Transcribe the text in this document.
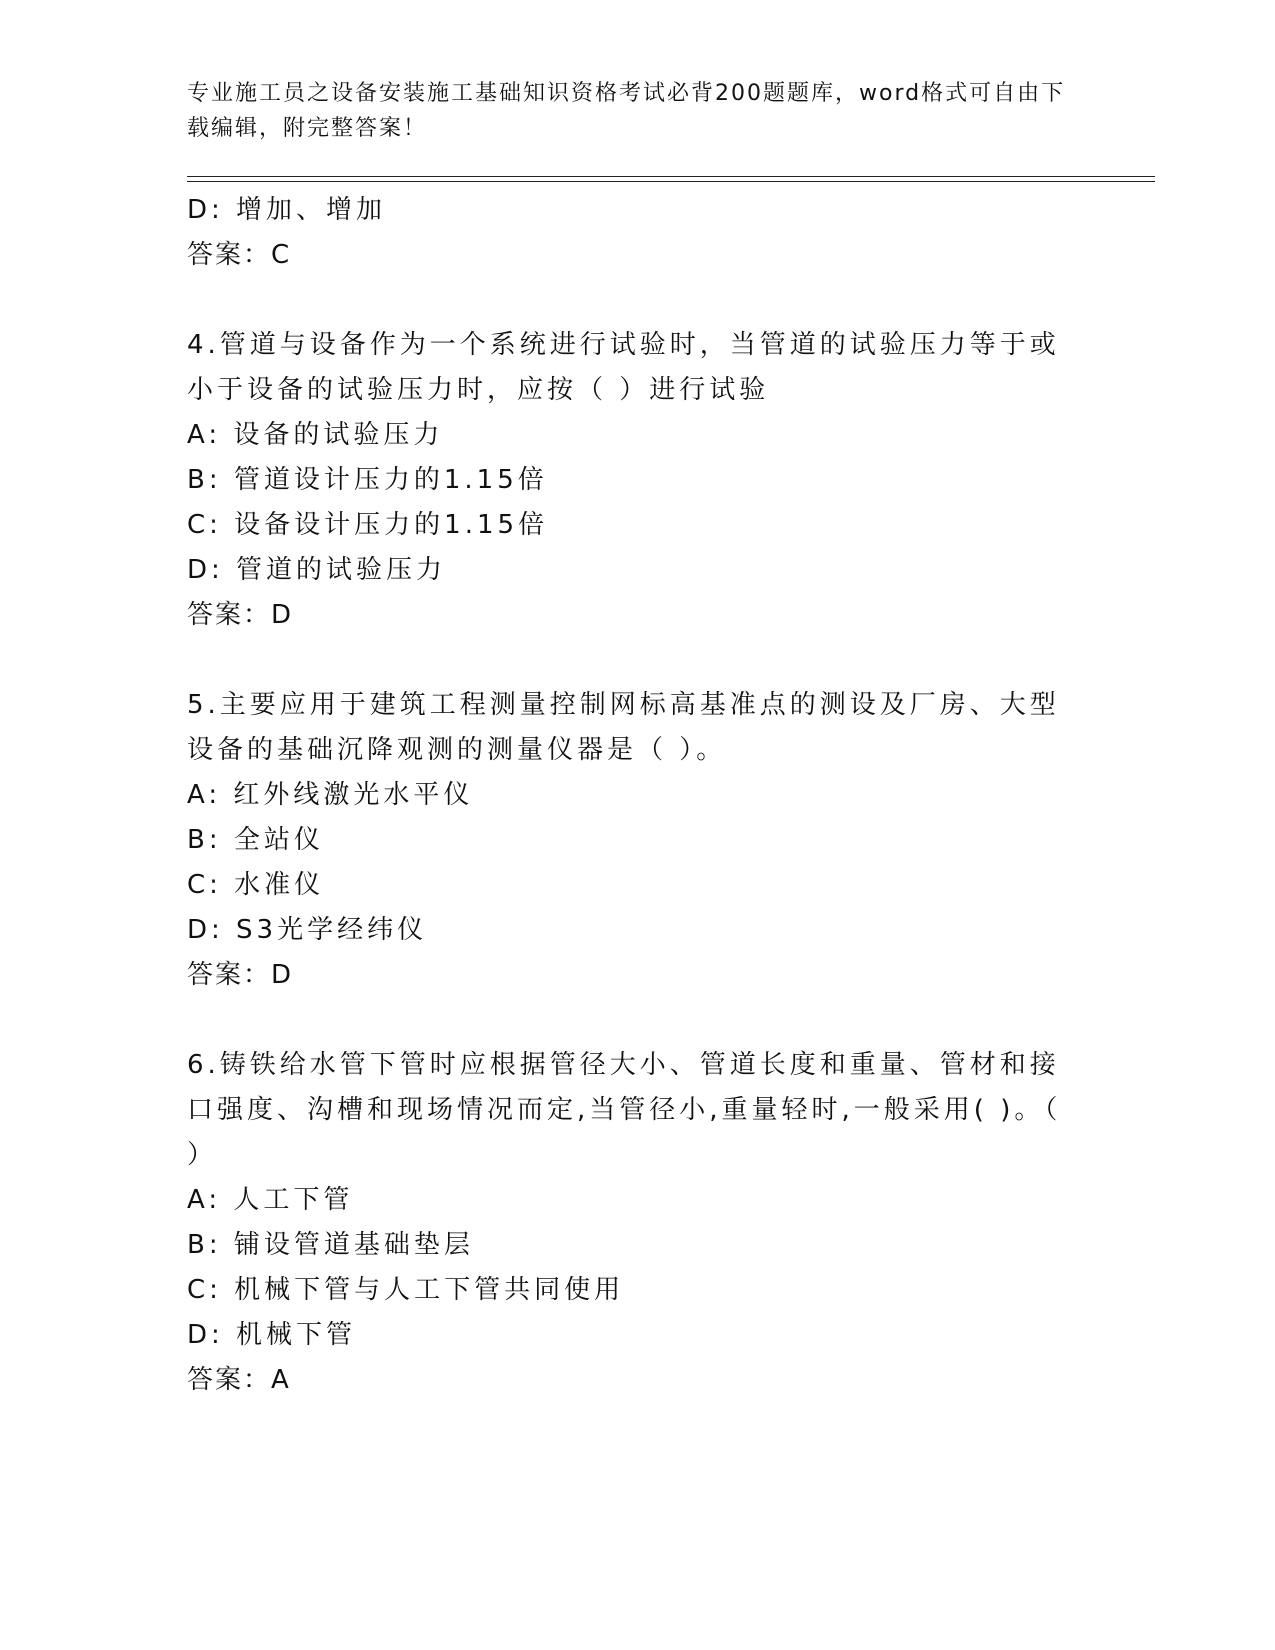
专业施工员之设备安装施工基础知识资格考试必背200题题库，word格式可自由下载编辑，附完整答案！

D: 增加、增加

答案：C

4.管道与设备作为一个系统进行试验时，当管道的试验压力等于或小于设备的试验压力时，应按（ ）进行试验

A: 设备的试验压力

B: 管道设计压力的1.15倍

C: 设备设计压力的1.15倍

D: 管道的试验压力

答案：D

5.主要应用于建筑工程测量控制网标高基准点的测设及厂房、大型设备的基础沉降观测的测量仪器是（ ）。

A: 红外线激光水平仪

B: 全站仪

C: 水准仪

D: S3光学经纬仪

答案：D

6.铸铁给水管下管时应根据管径大小、管道长度和重量、管材和接口强度、沟槽和现场情况而定,当管径小,重量轻时,一般采用( )。（ ）

A: 人工下管

B: 铺设管道基础垫层

C: 机械下管与人工下管共同使用

D: 机械下管

答案：A
